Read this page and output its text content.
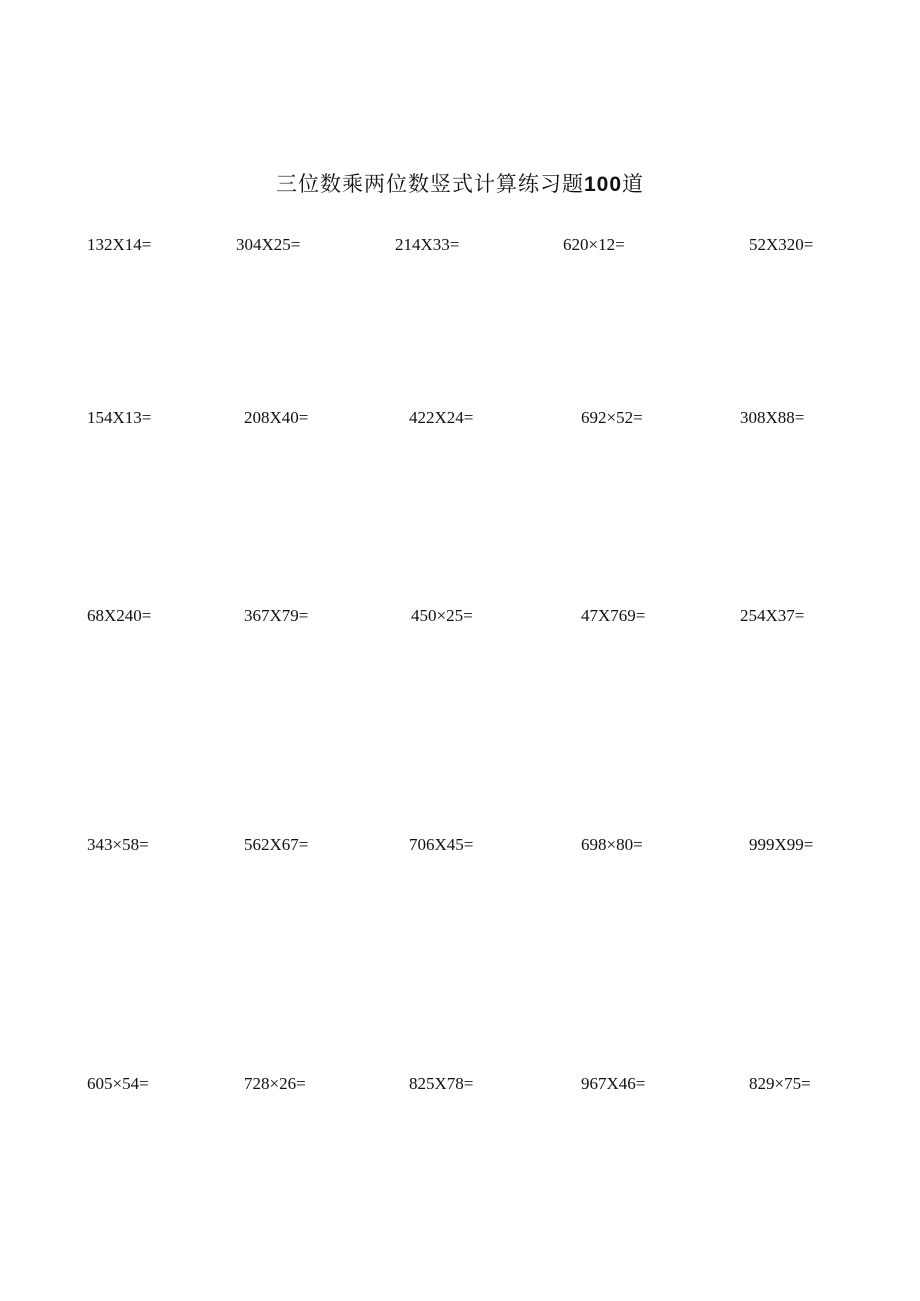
三位数乘两位数竖式计算练习题100道
132X14=	304X25=	214X33=	620×12=	52X320=
154X13=	208X40=	422X24=	692×52=	308X88=
68X240=	367X79=	450×25=	47X769=	254X37=
343×58=	562X67=	706X45=	698×80=	999X99=
605×54=	728×26=	825X78=	967X46=	829×75=
